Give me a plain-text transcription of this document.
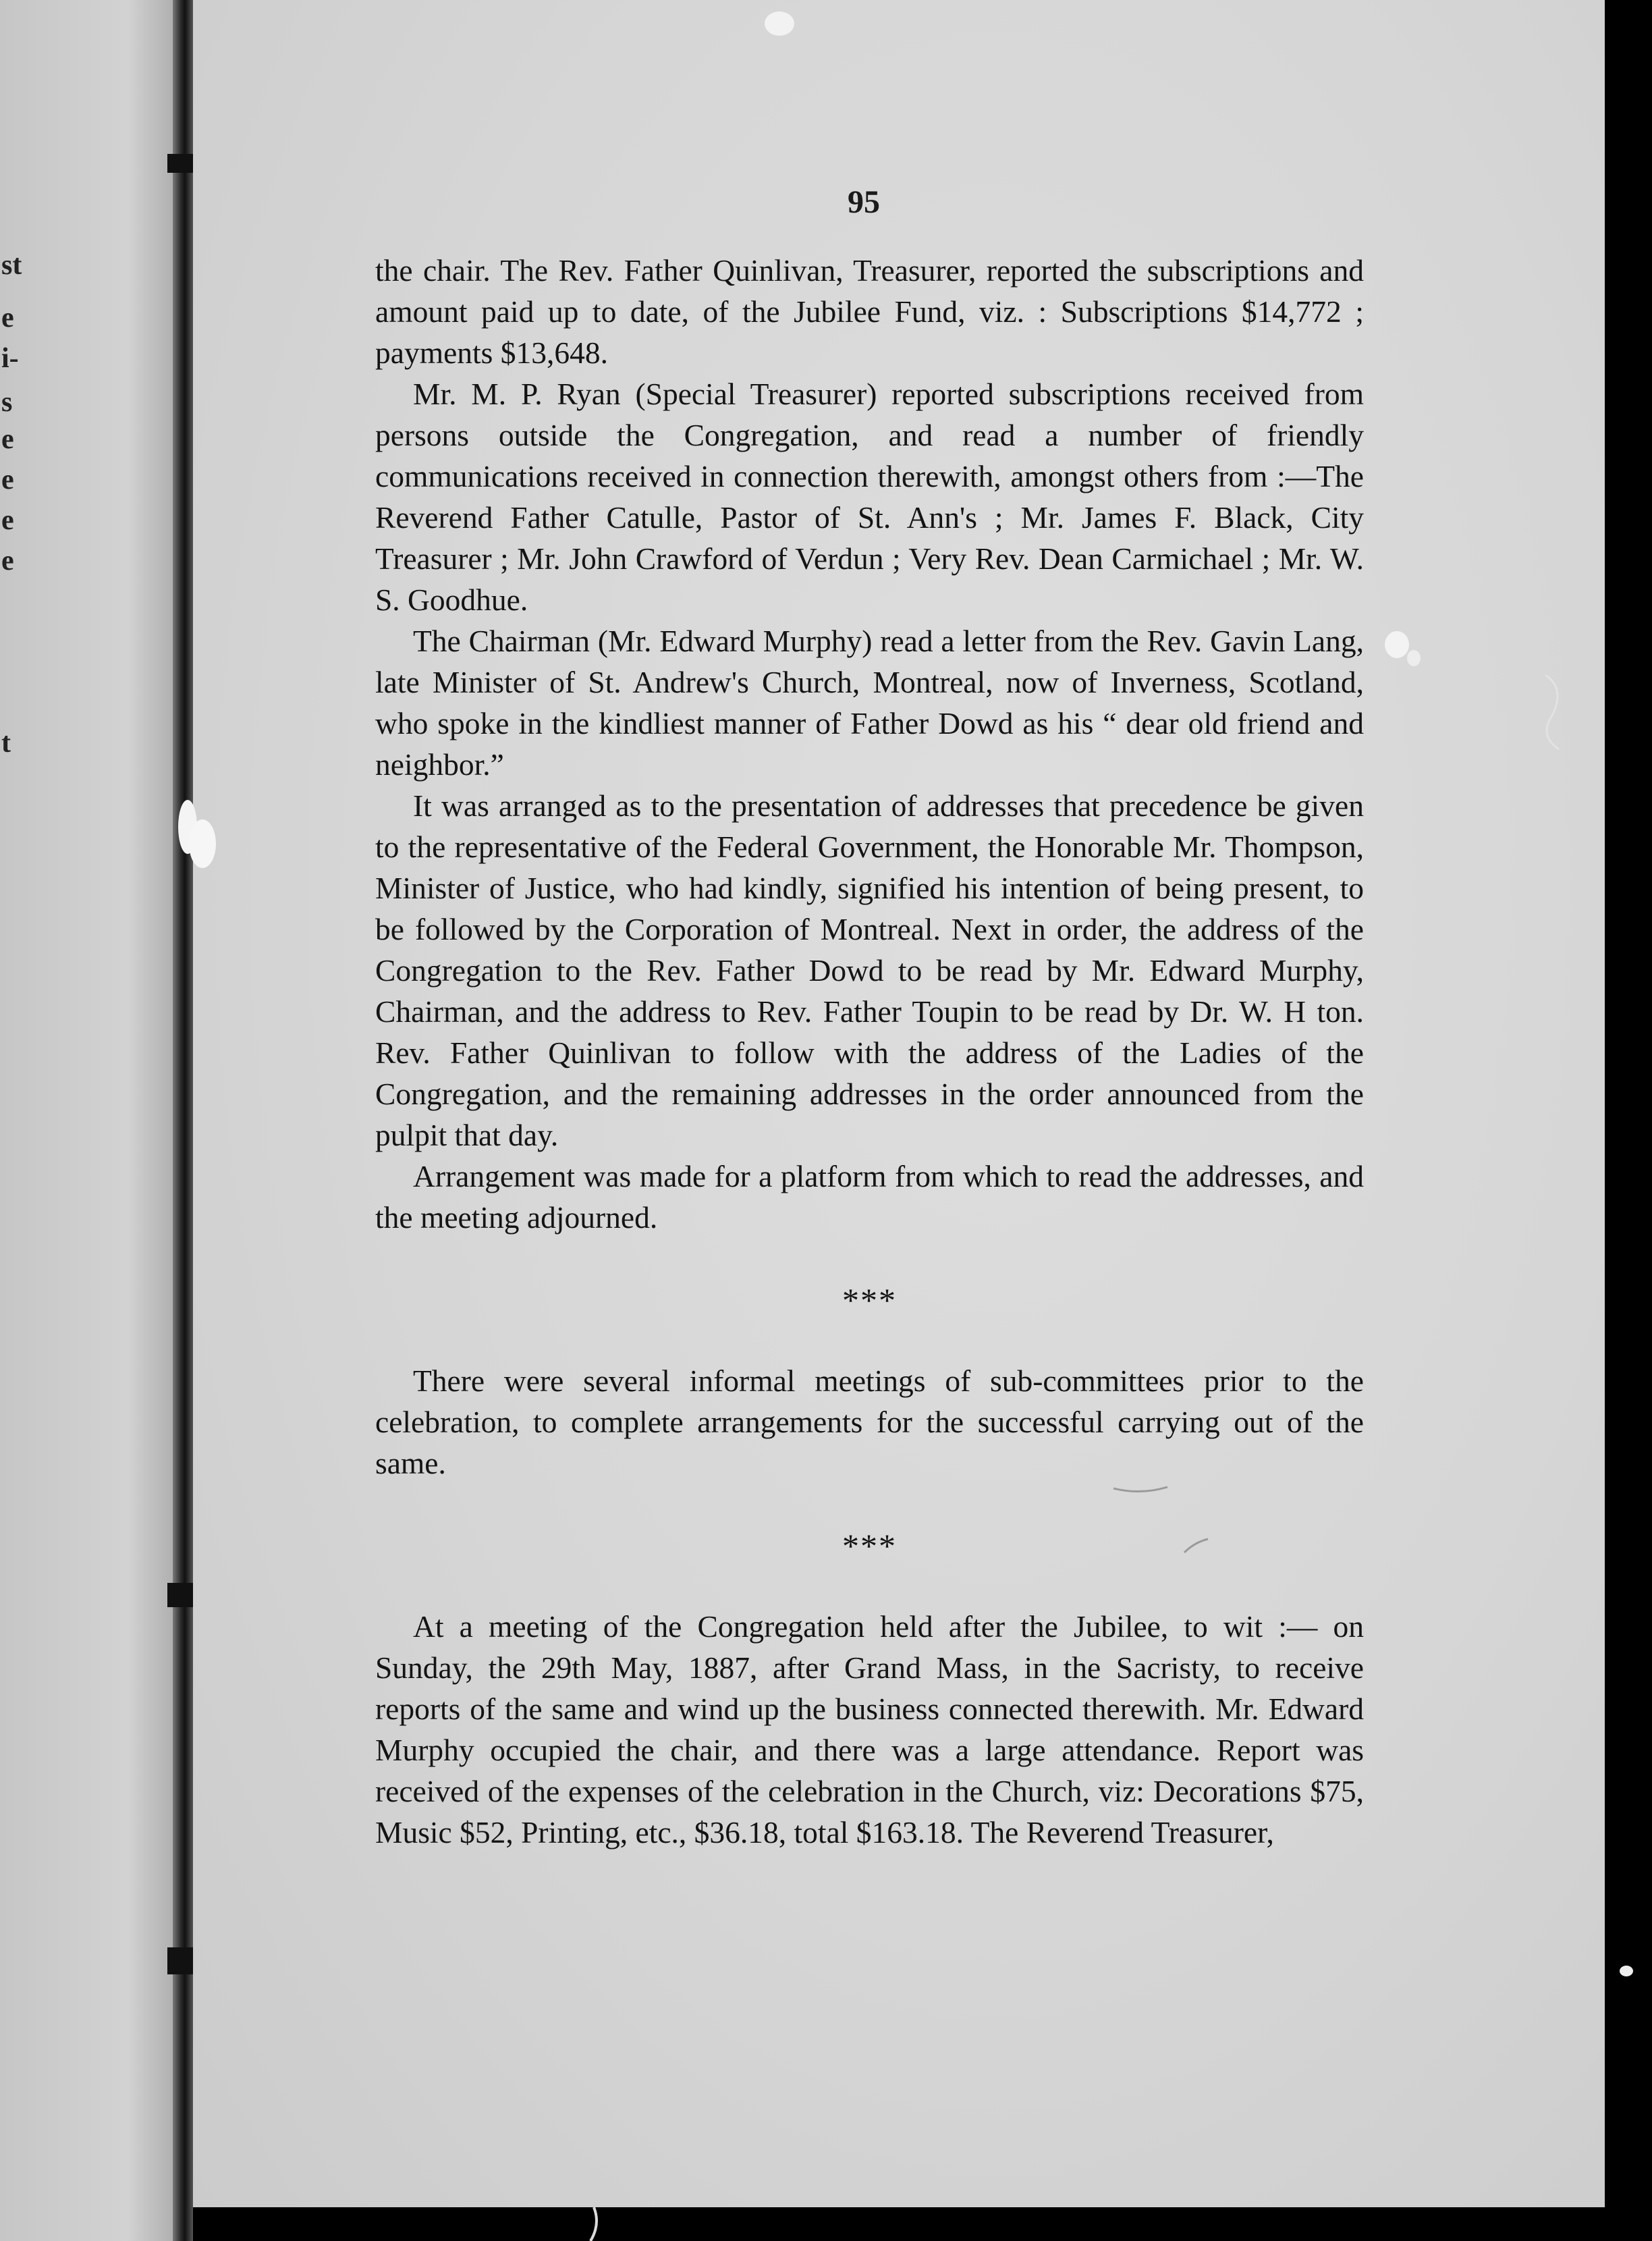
st
e
i-
s
e
e
e
e
t
95

the chair. The Rev. Father Quinlivan, Treasurer, reported the subscriptions and amount paid up to date, of the Jubilee Fund, viz. : Subscriptions $14,772 ; payments $13,648.

Mr. M. P. Ryan (Special Treasurer) reported subscriptions received from persons outside the Congregation, and read a number of friendly communications received in connection therewith, amongst others from :—The Reverend Father Catulle, Pastor of St. Ann's ; Mr. James F. Black, City Treasurer ; Mr. John Crawford of Verdun ; Very Rev. Dean Carmichael ; Mr. W. S. Goodhue.

The Chairman (Mr. Edward Murphy) read a letter from the Rev. Gavin Lang, late Minister of St. Andrew's Church, Montreal, now of Inverness, Scotland, who spoke in the kindliest manner of Father Dowd as his “ dear old friend and neighbor.”

It was arranged as to the presentation of addresses that precedence be given to the representative of the Federal Government, the Honorable Mr. Thompson, Minister of Justice, who had kindly, signified his intention of being present, to be followed by the Corporation of Montreal. Next in order, the address of the Congregation to the Rev. Father Dowd to be read by Mr. Edward Murphy, Chairman, and the address to Rev. Father Toupin to be read by Dr. W. H ton. Rev. Father Quinlivan to follow with the address of the Ladies of the Congregation, and the remaining addresses in the order announced from the pulpit that day.

Arrangement was made for a platform from which to read the addresses, and the meeting adjourned.

***

There were several informal meetings of sub-committees prior to the celebration, to complete arrangements for the successful carrying out of the same.

***

At a meeting of the Congregation held after the Jubilee, to wit :— on Sunday, the 29th May, 1887, after Grand Mass, in the Sacristy, to receive reports of the same and wind up the business connected therewith. Mr. Edward Murphy occupied the chair, and there was a large attendance. Report was received of the expenses of the celebration in the Church, viz: Decorations $75, Music $52, Printing, etc., $36.18, total $163.18. The Reverend Treasurer,
